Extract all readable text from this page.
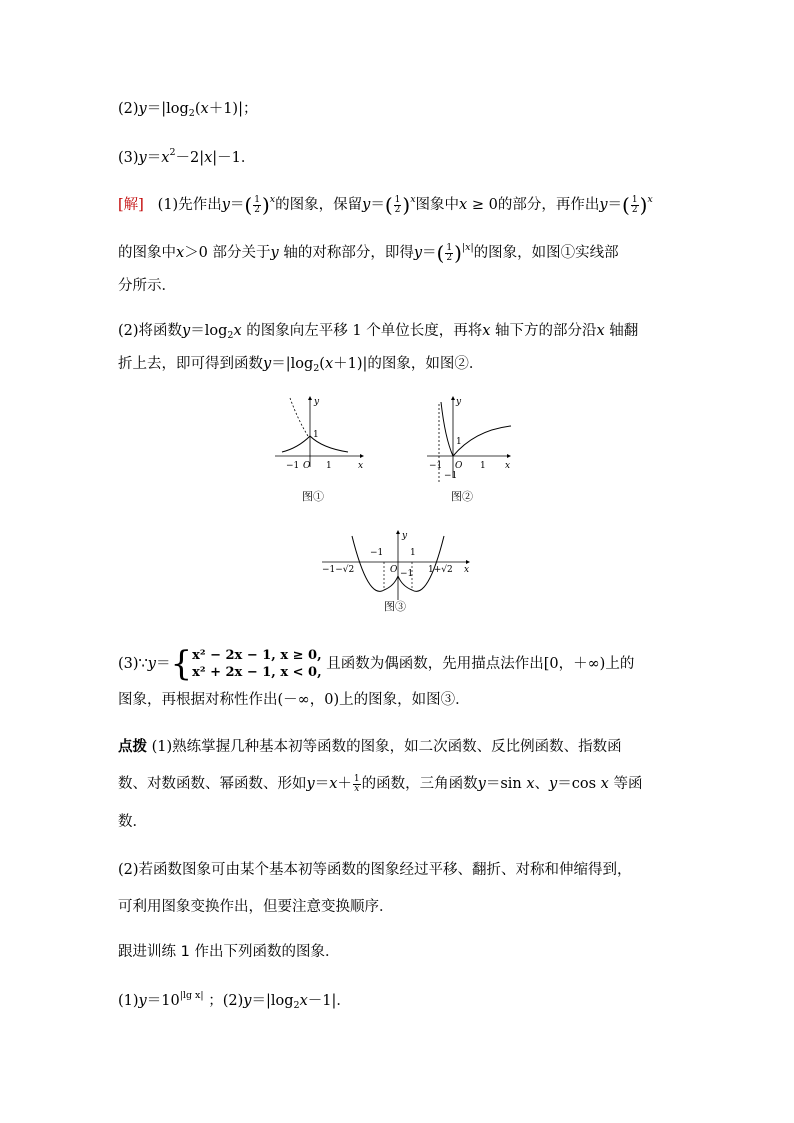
$(2)y=|\log_2(x+1)|$；
$(3)y=x^2-2|x|-1$．
[解] (1)先作出$y=( \frac{1}{2} )^x$的图象，保留$y=( \frac{1}{2} )^x$图象中x ≥ 0的部分，再作出$y=( \frac{1}{2} )^x$
的图象中x＞0 部分关于y 轴的对称部分，即得$y=( \frac{1}{2} )^{|x|}$的图象，如图①实线部
分所示．
(2)将函数$y=\log_2x$ 的图象向左平移 1 个单位长度，再将x 轴下方的部分沿x 轴翻
折上去，即可得到函数$y=|\log_2(x+1)|$的图象，如图②．
y
x
O
−1	1
1
图①
y
x
O
−1	1
1
−1
图②
y
x
O
−1−√2	1+√2
−1	1
−1
图③
(3)∵y＝{ x² − 2x − 1, x ≥ 0,
x² + 2x − 1, x < 0,
且函数为偶函数，先用描点法作出[0，＋∞)上的
图象，再根据对称性作出(－∞，0)上的图象，如图③．
点拨 (1)熟练掌握几种基本初等函数的图象，如二次函数、反比例函数、指数函
数、对数函数、幂函数、形如$y=x+ \frac{1}{x}$ 的函数，三角函数y＝sin x、y＝cos x 等函
数．
(2)若函数图象可由某个基本初等函数的图象经过平移、翻折、对称和伸缩得到，
可利用图象变换作出，但要注意变换顺序．
跟进训练 1 作出下列函数的图象．
$(1)y=10^{|lg x|}$ ；$(2)y=|\log_2x-1|$．
